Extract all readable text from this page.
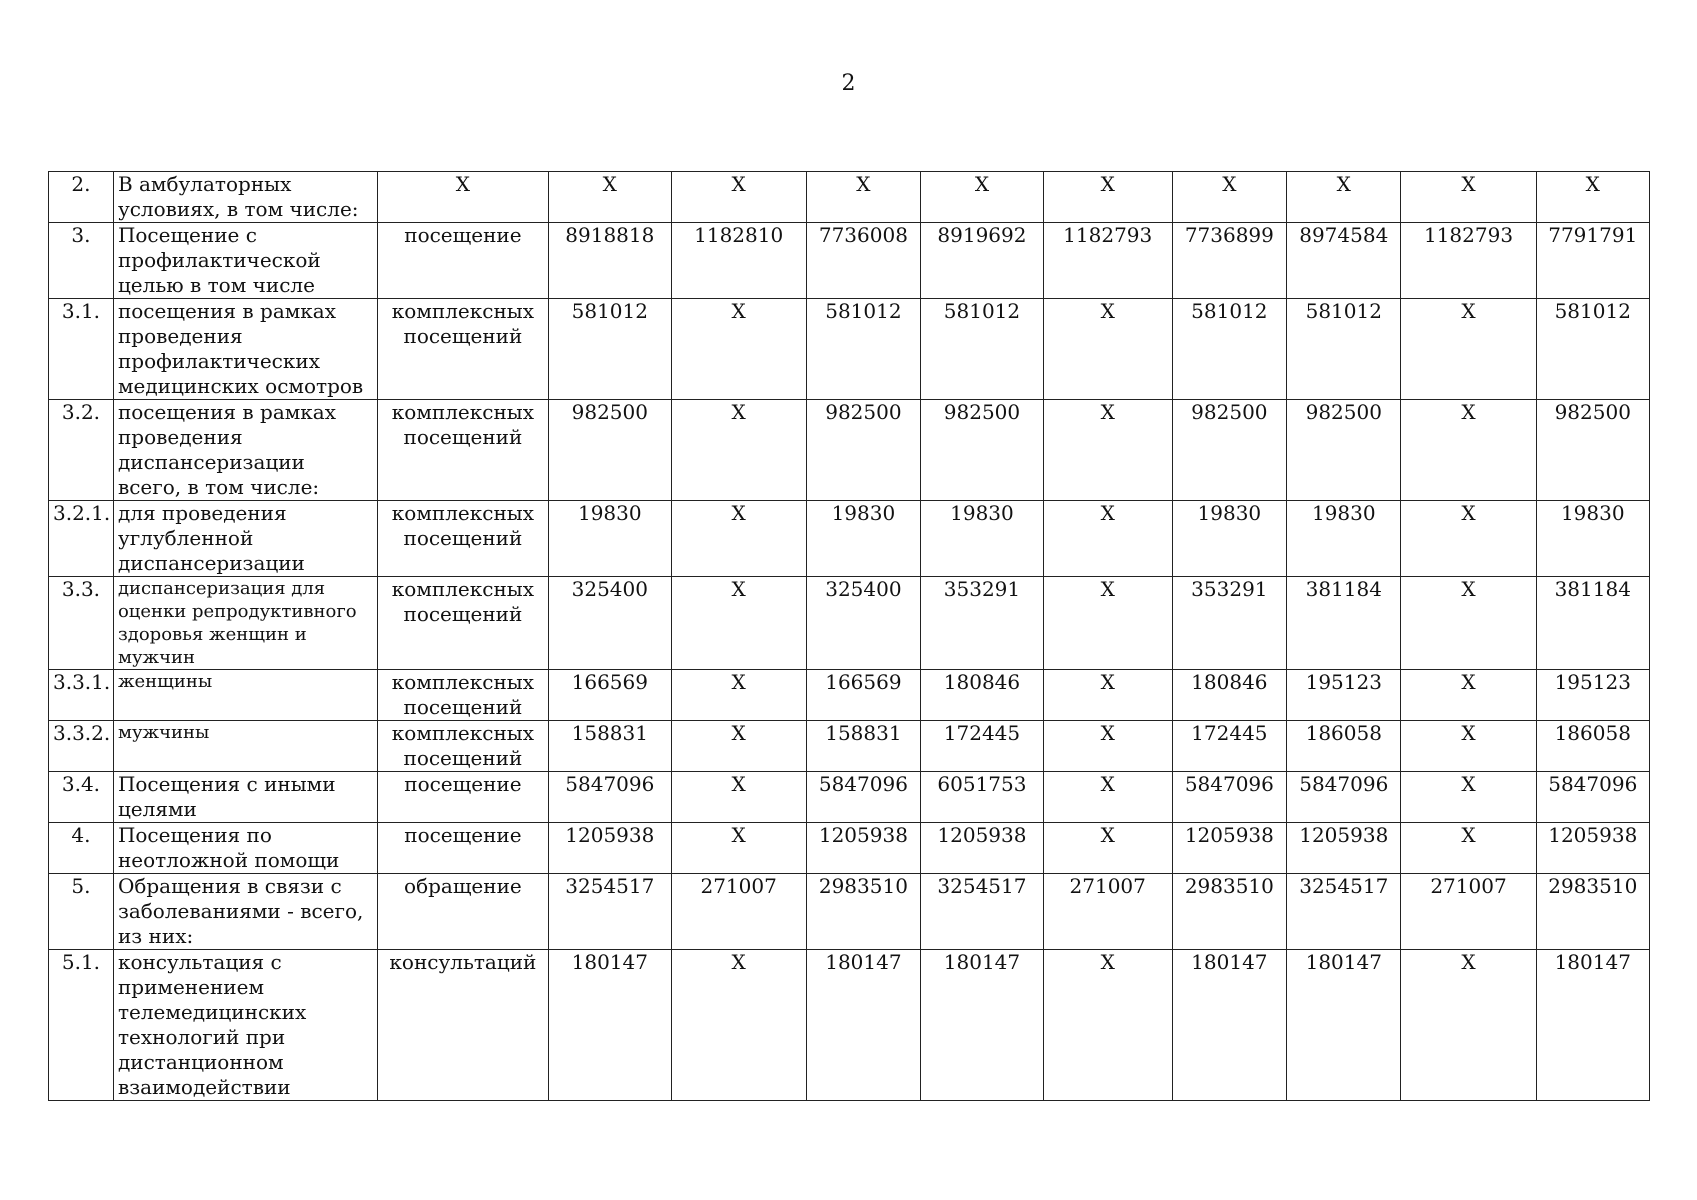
2
2.	В амбулаторных условиях, в том числе:	X	X	X	X	X	X	X	X	X	X
3.	Посещение с профилактической целью в том числе	посещение	8918818	1182810	7736008	8919692	1182793	7736899	8974584	1182793	7791791
3.1.	посещения в рамках проведения профилактических медицинских осмотров	комплексных посещений	581012	X	581012	581012	X	581012	581012	X	581012
3.2.	посещения в рамках проведения диспансеризации всего, в том числе:	комплексных посещений	982500	X	982500	982500	X	982500	982500	X	982500
3.2.1.	для проведения углубленной диспансеризации	комплексных посещений	19830	X	19830	19830	X	19830	19830	X	19830
3.3.	диспансеризация для оценки репродуктивного здоровья женщин и мужчин	комплексных посещений	325400	X	325400	353291	X	353291	381184	X	381184
3.3.1.	женщины	комплексных посещений	166569	X	166569	180846	X	180846	195123	X	195123
3.3.2.	мужчины	комплексных посещений	158831	X	158831	172445	X	172445	186058	X	186058
3.4.	Посещения с иными целями	посещение	5847096	X	5847096	6051753	X	5847096	5847096	X	5847096
4.	Посещения по неотложной помощи	посещение	1205938	X	1205938	1205938	X	1205938	1205938	X	1205938
5.	Обращения в связи с заболеваниями - всего, из них:	обращение	3254517	271007	2983510	3254517	271007	2983510	3254517	271007	2983510
5.1.	консультация с применением телемедицинских технологий при дистанционном взаимодействии	консультаций	180147	X	180147	180147	X	180147	180147	X	180147
